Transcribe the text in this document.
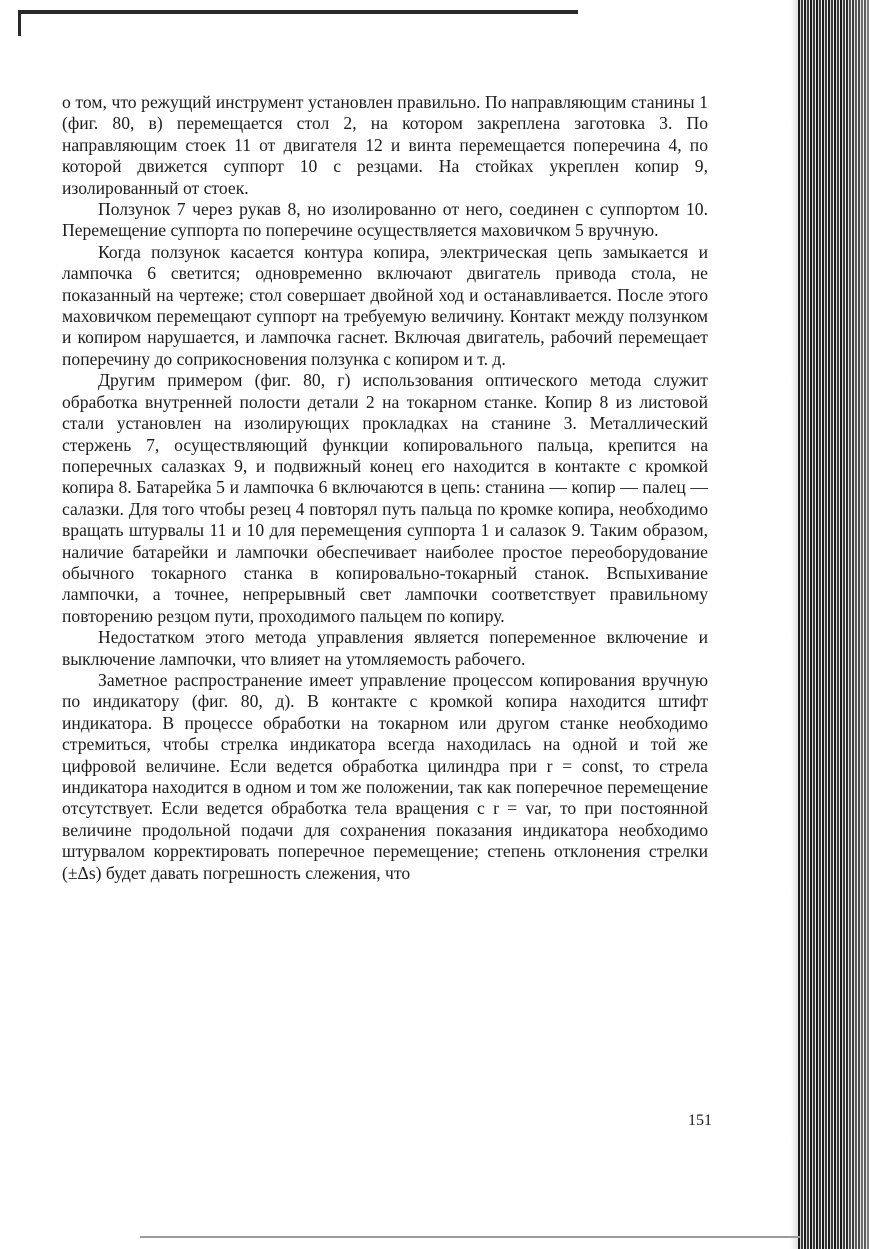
о том, что режущий инструмент установлен правильно. По направляющим станины 1 (фиг. 80, в) перемещается стол 2, на котором закреплена заготовка 3. По направляющим стоек 11 от двигателя 12 и винта перемещается поперечина 4, по которой движется суппорт 10 с резцами. На стойках укреплен копир 9, изолированный от стоек.

Ползунок 7 через рукав 8, но изолированно от него, соединен с суппортом 10. Перемещение суппорта по поперечине осуществляется маховичком 5 вручную.

Когда ползунок касается контура копира, электрическая цепь замыкается и лампочка 6 светится; одновременно включают двигатель привода стола, не показанный на чертеже; стол совершает двойной ход и останавливается. После этого маховичком перемещают суппорт на требуемую величину. Контакт между ползунком и копиром нарушается, и лампочка гаснет. Включая двигатель, рабочий перемещает поперечину до соприкосновения ползунка с копиром и т. д.

Другим примером (фиг. 80, г) использования оптического метода служит обработка внутренней полости детали 2 на токарном станке. Копир 8 из листовой стали установлен на изолирующих прокладках на станине 3. Металлический стержень 7, осуществляющий функции копировального пальца, крепится на поперечных салазках 9, и подвижный конец его находится в контакте с кромкой копира 8. Батарейка 5 и лампочка 6 включаются в цепь: станина — копир — палец — салазки. Для того чтобы резец 4 повторял путь пальца по кромке копира, необходимо вращать штурвалы 11 и 10 для перемещения суппорта 1 и салазок 9. Таким образом, наличие батарейки и лампочки обеспечивает наиболее простое переоборудование обычного токарного станка в копировально-токарный станок. Вспыхивание лампочки, а точнее, непрерывный свет лампочки соответствует правильному повторению резцом пути, проходимого пальцем по копиру.

Недостатком этого метода управления является попеременное включение и выключение лампочки, что влияет на утомляемость рабочего.

Заметное распространение имеет управление процессом копирования вручную по индикатору (фиг. 80, д). В контакте с кромкой копира находится штифт индикатора. В процессе обработки на токарном или другом станке необходимо стремиться, чтобы стрелка индикатора всегда находилась на одной и той же цифровой величине. Если ведется обработка цилиндра при r = const, то стрела индикатора находится в одном и том же положении, так как поперечное перемещение отсутствует. Если ведется обработка тела вращения с r = var, то при постоянной величине продольной подачи для сохранения показания индикатора необходимо штурвалом корректировать поперечное перемещение; степень отклонения стрелки (±Δs) будет давать погрешность слежения, что

151
